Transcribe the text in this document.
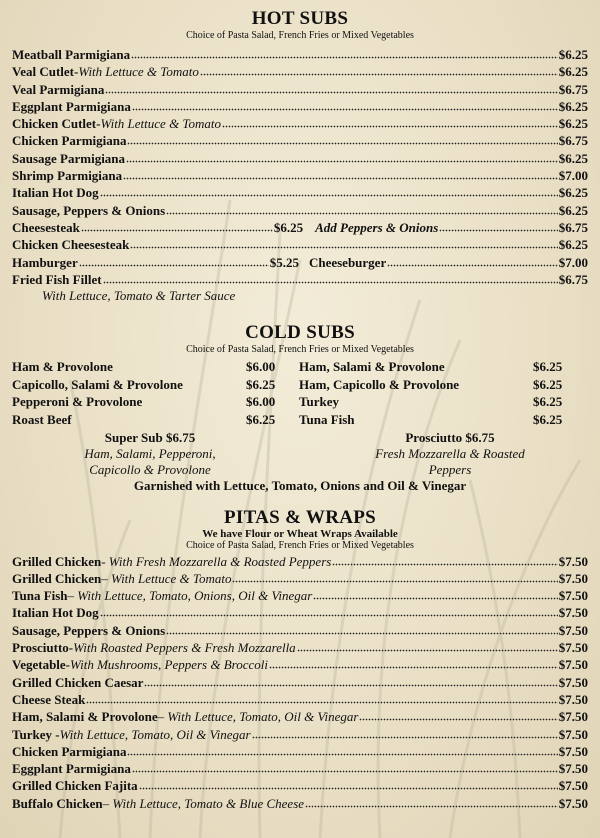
HOT SUBS
Choice of Pasta Salad, French Fries or Mixed Vegetables
Meatball Parmigiana	$6.25
Veal Cutlet- With Lettuce & Tomato	$6.25
Veal Parmigiana	$6.75
Eggplant Parmigiana	$6.25
Chicken Cutlet- With Lettuce & Tomato	$6.25
Chicken Parmigiana	$6.75
Sausage Parmigiana	$6.25
Shrimp Parmigiana	$7.00
Italian Hot Dog	$6.25
Sausage, Peppers & Onions	$6.25
Cheesesteak	$6.25 Add Peppers & Onions	$6.75
Chicken Cheesesteak	$6.25
Hamburger	$5.25 Cheeseburger	$7.00
Fried Fish Fillet	$6.75
With Lettuce, Tomato & Tarter Sauce
COLD SUBS
Choice of Pasta Salad, French Fries or Mixed Vegetables
Ham & Provolone	$6.00	Ham, Salami & Provolone	$6.25
Capicollo, Salami & Provolone	$6.25	Ham, Capicollo & Provolone	$6.25
Pepperoni & Provolone	$6.00	Turkey	$6.25
Roast Beef	$6.25	Tuna Fish	$6.25
Super Sub $6.75
Ham, Salami, Pepperoni,
Capicollo & Provolone
Prosciutto $6.75
Fresh Mozzarella & Roasted
Peppers
Garnished with Lettuce, Tomato, Onions and Oil & Vinegar
PITAS & WRAPS
We have Flour or Wheat Wraps Available
Choice of Pasta Salad, French Fries or Mixed Vegetables
Grilled Chicken - With Fresh Mozzarella & Roasted Peppers	$7.50
Grilled Chicken – With Lettuce & Tomato	$7.50
Tuna Fish – With Lettuce, Tomato, Onions, Oil & Vinegar	$7.50
Italian Hot Dog	$7.50
Sausage, Peppers & Onions	$7.50
Prosciutto- With Roasted Peppers & Fresh Mozzarella	$7.50
Vegetable- With Mushrooms, Peppers & Broccoli	$7.50
Grilled Chicken Caesar	$7.50
Cheese Steak	$7.50
Ham, Salami & Provolone – With Lettuce, Tomato, Oil & Vinegar	$7.50
Turkey - With Lettuce, Tomato, Oil & Vinegar	$7.50
Chicken Parmigiana	$7.50
Eggplant Parmigiana	$7.50
Grilled Chicken Fajita	$7.50
Buffalo Chicken – With Lettuce, Tomato & Blue Cheese	$7.50
